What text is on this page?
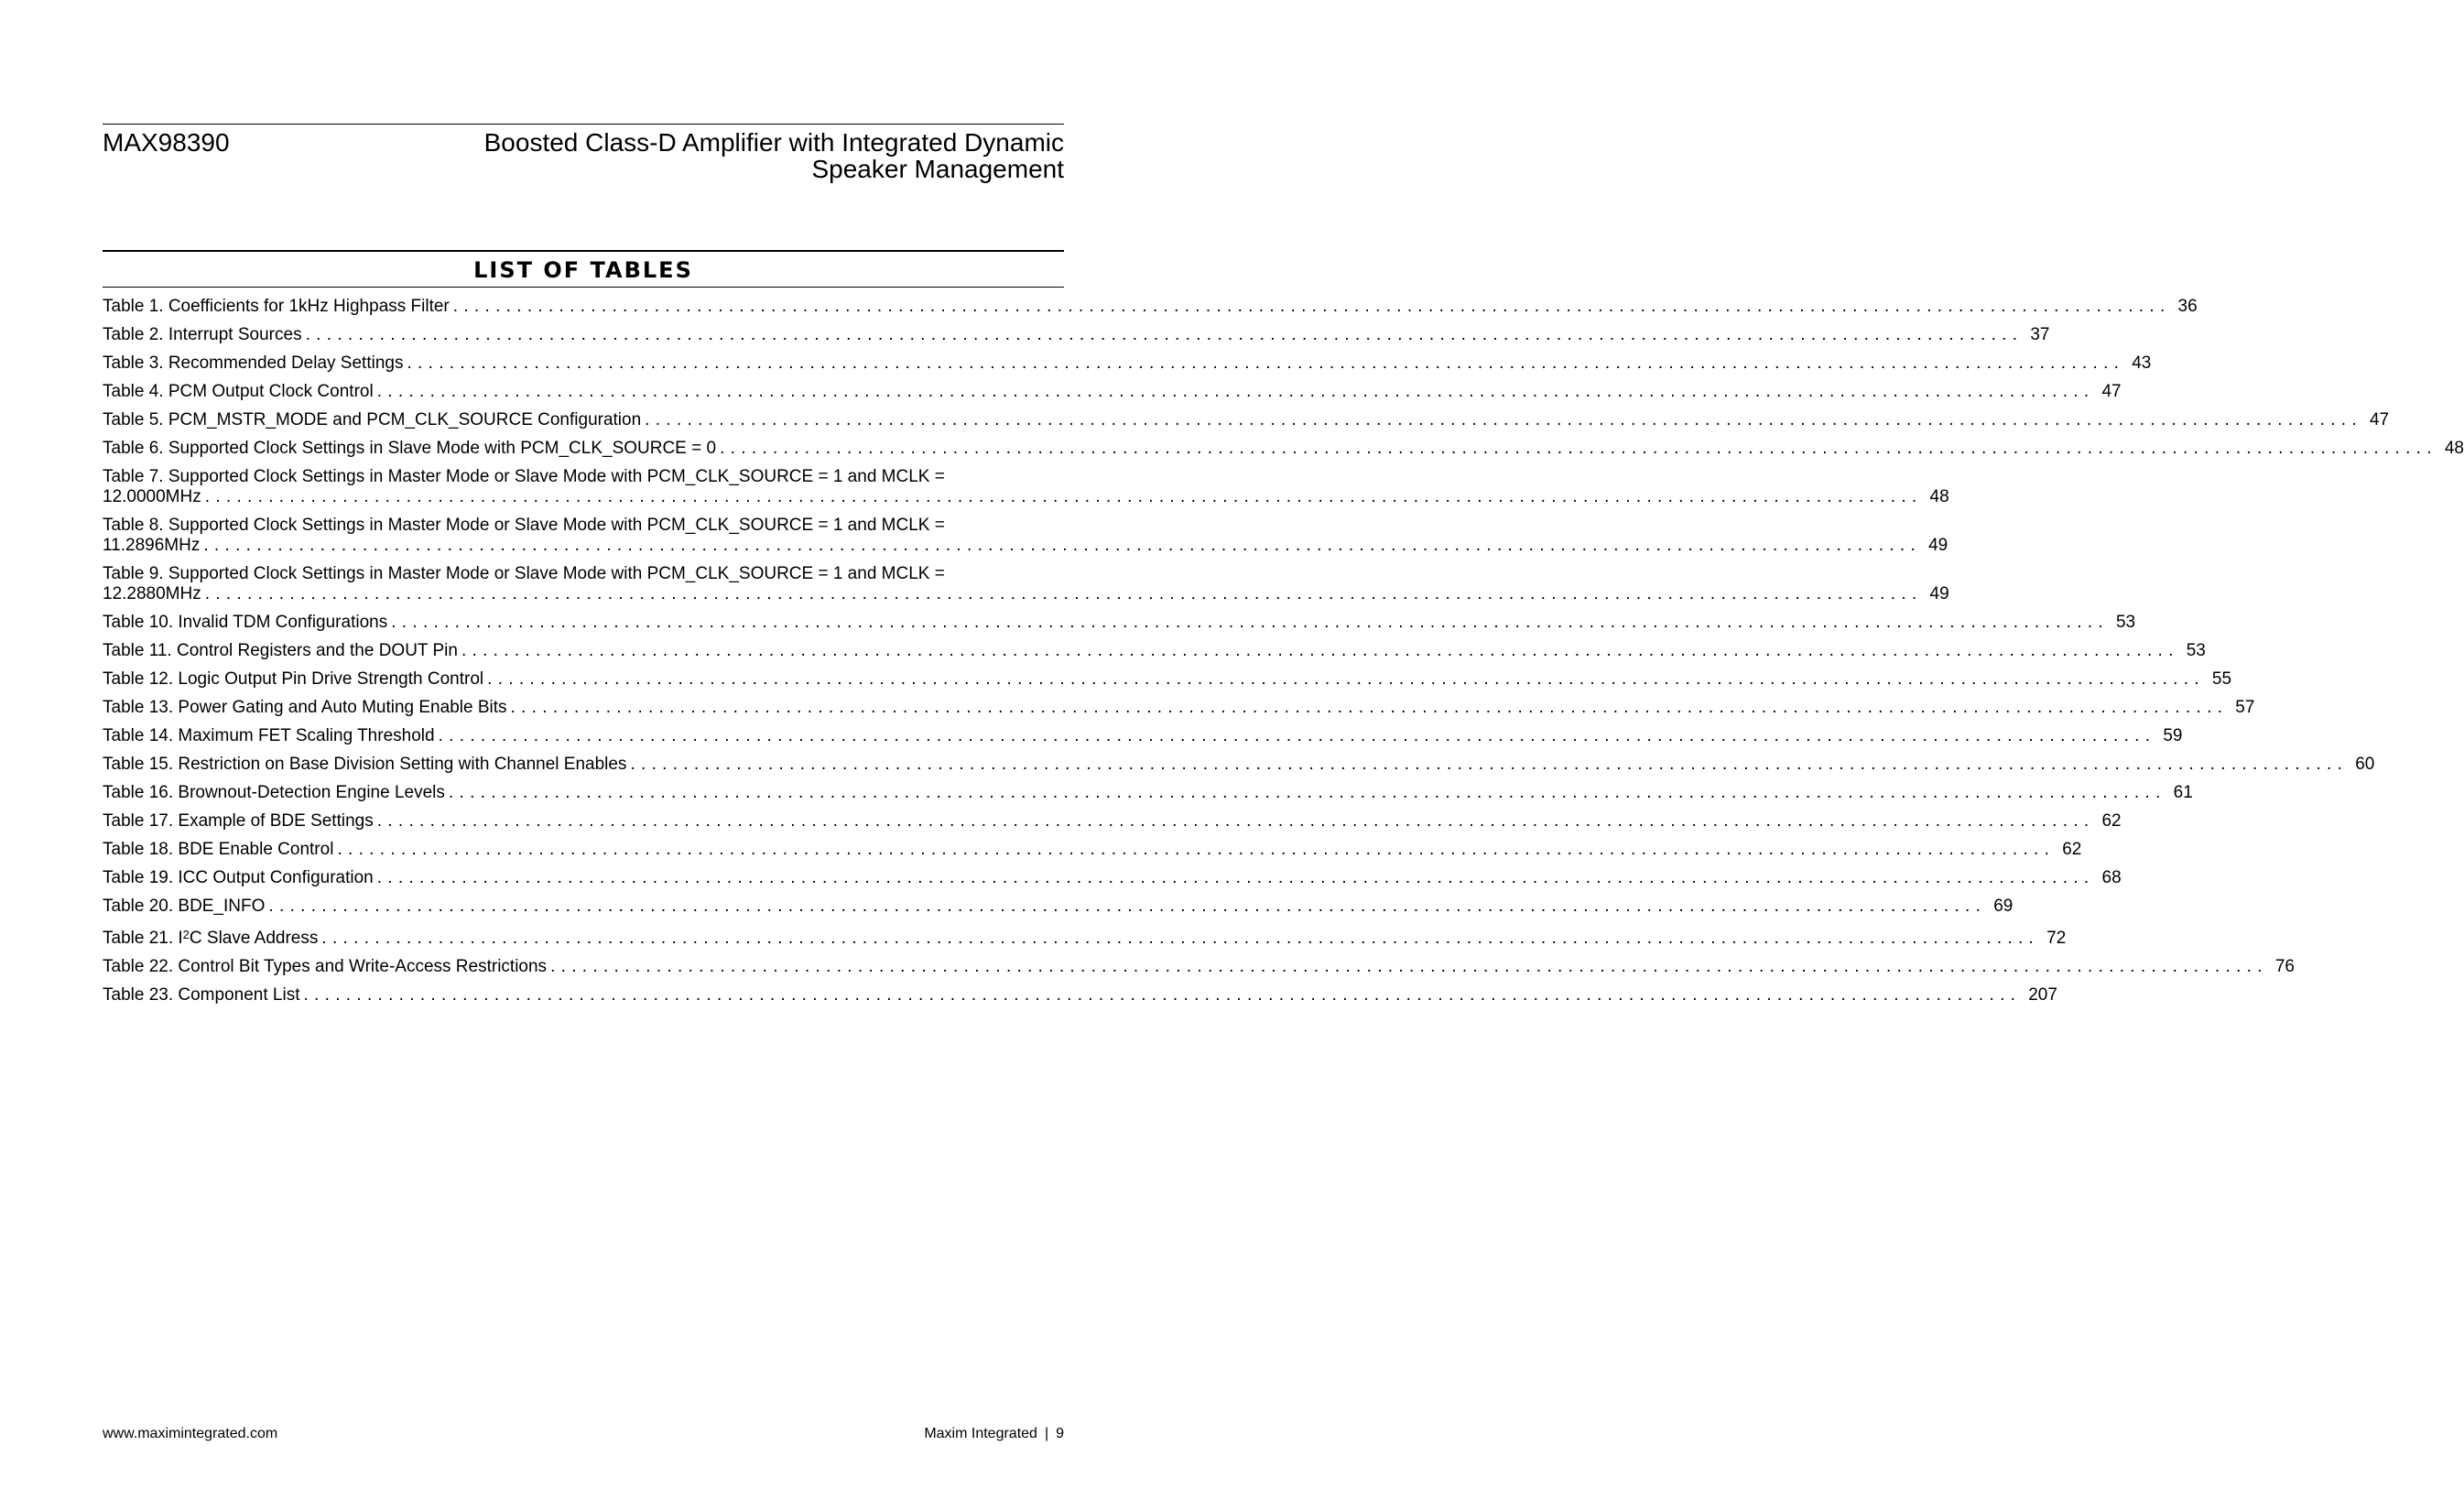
MAX98390	Boosted Class-D Amplifier with Integrated Dynamic
Speaker Management
LIST OF TABLES
Table 1. Coefficients for 1kHz Highpass Filter .................................................................................................................................................................. 36
Table 2. Interrupt Sources .................................................................................................................................................................. 37
Table 3. Recommended Delay Settings .................................................................................................................................................................. 43
Table 4. PCM Output Clock Control .................................................................................................................................................................. 47
Table 5. PCM_MSTR_MODE and PCM_CLK_SOURCE Configuration .................................................................................................................................................................. 47
Table 6. Supported Clock Settings in Slave Mode with PCM_CLK_SOURCE = 0 .................................................................................................................................................................. 48
Table 7. Supported Clock Settings in Master Mode or Slave Mode with PCM_CLK_SOURCE = 1 and MCLK =
12.0000MHz .................................................................................................................................................................. 48
Table 8. Supported Clock Settings in Master Mode or Slave Mode with PCM_CLK_SOURCE = 1 and MCLK =
11.2896MHz .................................................................................................................................................................. 49
Table 9. Supported Clock Settings in Master Mode or Slave Mode with PCM_CLK_SOURCE = 1 and MCLK =
12.2880MHz .................................................................................................................................................................. 49
Table 10. Invalid TDM Configurations .................................................................................................................................................................. 53
Table 11. Control Registers and the DOUT Pin .................................................................................................................................................................. 53
Table 12. Logic Output Pin Drive Strength Control .................................................................................................................................................................. 55
Table 13. Power Gating and Auto Muting Enable Bits .................................................................................................................................................................. 57
Table 14. Maximum FET Scaling Threshold .................................................................................................................................................................. 59
Table 15. Restriction on Base Division Setting with Channel Enables .................................................................................................................................................................. 60
Table 16. Brownout-Detection Engine Levels .................................................................................................................................................................. 61
Table 17. Example of BDE Settings .................................................................................................................................................................. 62
Table 18. BDE Enable Control .................................................................................................................................................................. 62
Table 19. ICC Output Configuration .................................................................................................................................................................. 68
Table 20. BDE_INFO .................................................................................................................................................................. 69
Table 21. $I^2C$ Slave Address .................................................................................................................................................................. 72
Table 22. Control Bit Types and Write-Access Restrictions .................................................................................................................................................................. 76
Table 23. Component List .................................................................................................................................................................. 207
www.maximintegrated.com	Maxim Integrated | 9
